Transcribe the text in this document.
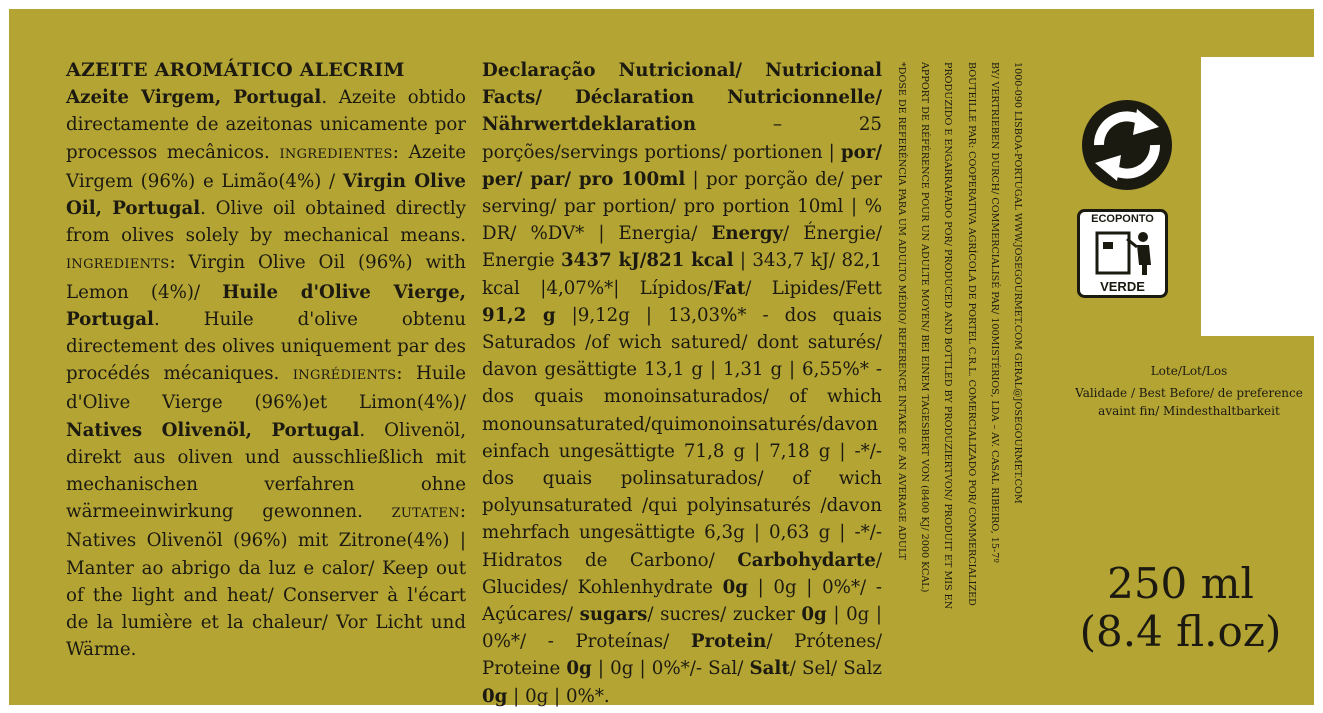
AZEITE AROMÁTICO ALECRIM
Azeite Virgem, Portugal. Azeite obtido directamente de azeitonas unicamente por processos mecânicos. INGREDIENTES: Azeite Virgem (96%) e Limão(4%) / Virgin Olive Oil, Portugal. Olive oil obtained directly from olives solely by mechanical means. INGREDIENTS: Virgin Olive Oil (96%) with Lemon (4%)/ Huile d'Olive Vierge, Portugal. Huile d'olive obtenu directement des olives uniquement par des procédés mécaniques. INGRÉDIENTS: Huile d'Olive Vierge (96%)et Limon(4%)/ Natives Olivenöl, Portugal. Olivenöl, direkt aus oliven und ausschließlich mit mechanischen verfahren ohne wärmeeinwirkung gewonnen. ZUTATEN: Natives Olivenöl (96%) mit Zitrone(4%) | Manter ao abrigo da luz e calor/ Keep out of the light and heat/ Conserver à l'écart de la lumière et la chaleur/ Vor Licht und Wärme.

Declaração Nutricional/ Nutricional Facts/ Déclaration Nutricionnelle/ Nährwertdeklaration – 25 porções/servings portions/ portionen | por/ per/ par/ pro 100ml | por porção de/ per serving/ par portion/ pro portion 10ml | % DR/ %DV* | Energia/ Energy/ Énergie/ Energie 3437 kJ/821 kcal | 343,7 kJ/ 82,1 kcal |4,07%*| Lípidos/Fat/ Lipides/Fett 91,2 g |9,12g | 13,03%* - dos quais Saturados /of wich satured/ dont saturés/ davon gesättigte 13,1 g | 1,31 g | 6,55%* - dos quais monoinsaturados/ of which monounsaturated/quimonoinsaturés/davon einfach ungesättigte 71,8 g | 7,18 g | -*/- dos quais polinsaturados/ of wich polyunsaturated /qui polyinsaturés /davon mehrfach ungesättigte 6,3g | 0,63 g | -*/- Hidratos de Carbono/ Carbohydarte/ Glucides/ Kohlenhydrate 0g | 0g | 0%*/ - Açúcares/ sugars/ sucres/ zucker 0g | 0g | 0%*/ - Proteínas/ Protein/ Prótenes/ Proteine 0g | 0g | 0%*/- Sal/ Salt/ Sel/ Salz 0g | 0g | 0%*.

*DOSE DE REFERÊNCIA PARA UM ADULTO MÉDIO/ REFERENCE INTAKE OF AN AVERAGE ADULT APPORT DE RÉFÉRENCE POUR UN ADULTE MOYEN/ BEI EINEM TAGESBERT VON (8400 KJ/ 2000 KCAL) PRODUZIDO E ENGARRAFADO POR/ PRODUCED AND BOTTLED BY PRODUZIERTVON/ PRODUIT ET MIS EN BOUTEILLE PAR: COOPERATIVA AGRÍCOLA DE PORTEL C.R.L. COMERCIALIZADO POR/ COMMERCIALIZED BY/ VERTRIEBEN DURCH/ COMMERCIALISÉ PAR/ 100MISTÉRIOS, LDA – AV. CASAL RIBEIRO, 15-7º 1000-090 LISBOA-PORTUGAL WWW.JOSEGOURMET.COM GERAL@JOSEGOURMET.COM	ECOPONTO
VERDE
Lote/Lot/Los
Validade / Best Before/ de preference
avaint fin/ Mindesthaltbarkeit
250 ml
(8.4 fl.oz)
